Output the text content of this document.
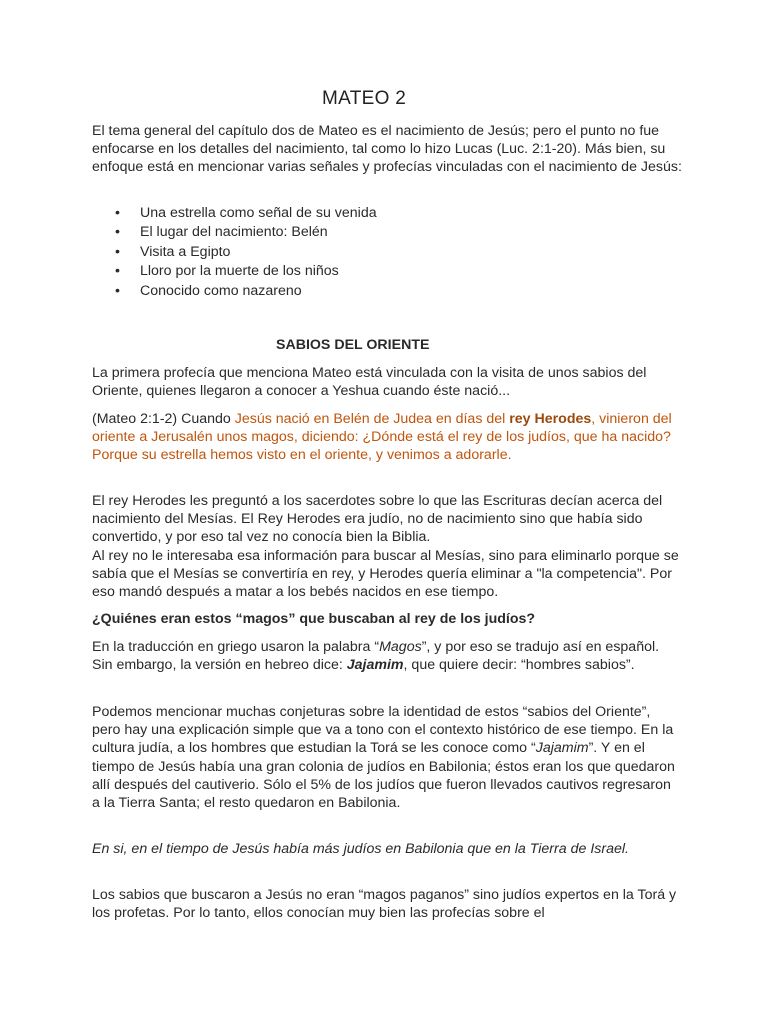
MATEO 2

El tema general del capítulo dos de Mateo es el nacimiento de Jesús; pero el punto no fue enfocarse en los detalles del nacimiento, tal como lo hizo Lucas (Luc. 2:1-20). Más bien, su enfoque está en mencionar varias señales y profecías vinculadas con el nacimiento de Jesús:

• Una estrella como señal de su venida
• El lugar del nacimiento: Belén
• Visita a Egipto
• Lloro por la muerte de los niños
• Conocido como nazareno
SABIOS DEL ORIENTE

La primera profecía que menciona Mateo está vinculada con la visita de unos sabios del Oriente, quienes llegaron a conocer a Yeshua cuando éste nació...

(Mateo 2:1-2) Cuando Jesús nació en Belén de Judea en días del rey Herodes, vinieron del oriente a Jerusalén unos magos, diciendo: ¿Dónde está el rey de los judíos, que ha nacido? Porque su estrella hemos visto en el oriente, y venimos a adorarle.

El rey Herodes les preguntó a los sacerdotes sobre lo que las Escrituras decían acerca del nacimiento del Mesías. El Rey Herodes era judío, no de nacimiento sino que había sido convertido, y por eso tal vez no conocía bien la Biblia.
Al rey no le interesaba esa información para buscar al Mesías, sino para eliminarlo porque se sabía que el Mesías se convertiría en rey, y Herodes quería eliminar a "la competencia". Por eso mandó después a matar a los bebés nacidos en ese tiempo.

¿Quiénes eran estos “magos” que buscaban al rey de los judíos?

En la traducción en griego usaron la palabra “Magos”, y por eso se tradujo así en español. Sin embargo, la versión en hebreo dice: Jajamim, que quiere decir: “hombres sabios”.

Podemos mencionar muchas conjeturas sobre la identidad de estos “sabios del Oriente”, pero hay una explicación simple que va a tono con el contexto histórico de ese tiempo. En la cultura judía, a los hombres que estudian la Torá se les conoce como “Jajamim”. Y en el tiempo de Jesús había una gran colonia de judíos en Babilonia; éstos eran los que quedaron allí después del cautiverio. Sólo el 5% de los judíos que fueron llevados cautivos regresaron a la Tierra Santa; el resto quedaron en Babilonia.

En si, en el tiempo de Jesús había más judíos en Babilonia que en la Tierra de Israel.

Los sabios que buscaron a Jesús no eran “magos paganos” sino judíos expertos en la Torá y los profetas. Por lo tanto, ellos conocían muy bien las profecías sobre el
